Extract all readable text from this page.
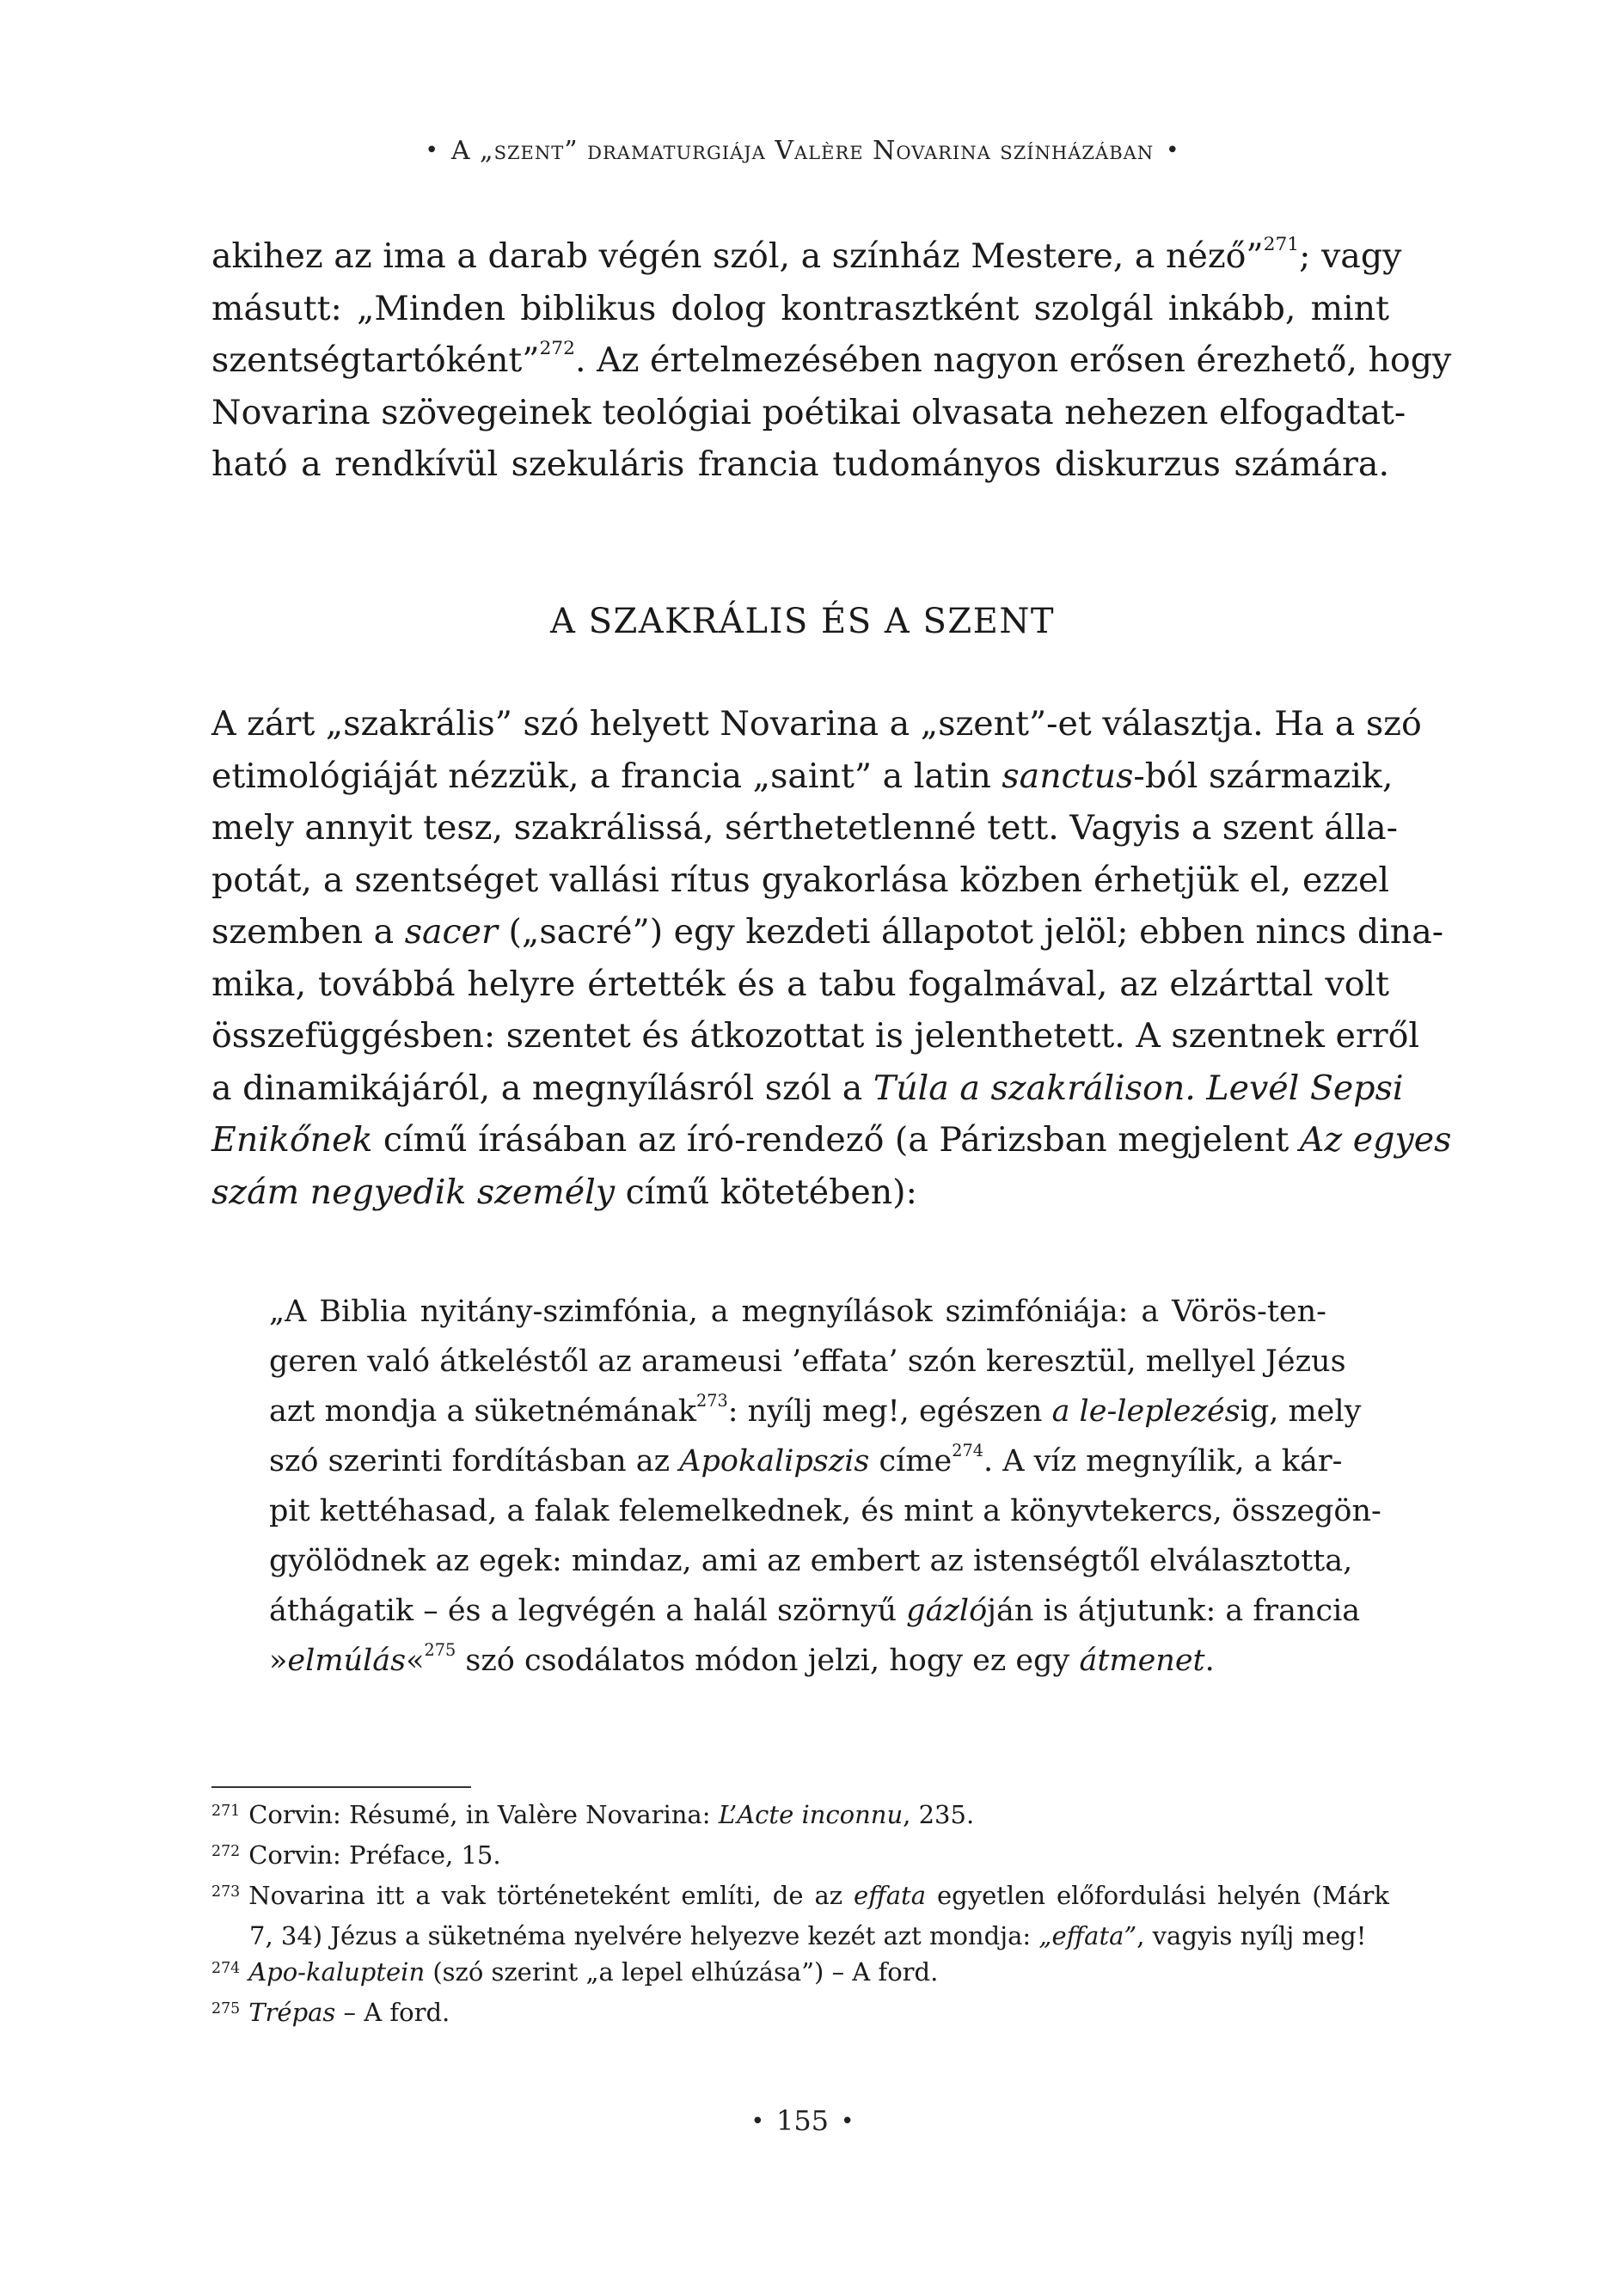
• A „szent” dramaturgiája Valère Novarina színházában •
akihez az ima a darab végén szól, a színház Mestere, a néző”$^{271}$; vagy
másutt: „Minden biblikus dolog kontrasztként szolgál inkább, mint
szentségtartóként”$^{272}$. Az értelmezésében nagyon erősen érezhető, hogy
Novarina szövegeinek teológiai poétikai olvasata nehezen elfogadtat-
ható a rendkívül szekuláris francia tudományos diskurzus számára.
A SZAKRÁLIS ÉS A SZENT
A zárt „szakrális” szó helyett Novarina a „szent”-et választja. Ha a szó
etimológiáját nézzük, a francia „saint” a latin sanctus-ból származik,
mely annyit tesz, szakrálissá, sérthetetlenné tett. Vagyis a szent álla-
potát, a szentséget vallási rítus gyakorlása közben érhetjük el, ezzel
szemben a sacer („sacré”) egy kezdeti állapotot jelöl; ebben nincs dina-
mika, továbbá helyre értették és a tabu fogalmával, az elzárttal volt
összefüggésben: szentet és átkozottat is jelenthetett. A szentnek erről
a dinamikájáról, a megnyílásról szól a Túla a szakrálison. Levél Sepsi
Enikőnek című írásában az író-rendező (a Párizsban megjelent Az egyes
szám negyedik személy című kötetében):
„A Biblia nyitány-szimfónia, a megnyílások szimfóniája: a Vörös-ten-
geren való átkeléstől az arameusi ’effata’ szón keresztül, mellyel Jézus
azt mondja a süketnémának$^{273}$: nyílj meg!, egészen a le-leplezésig, mely
szó szerinti fordításban az Apokalipszis címe$^{274}$. A víz megnyílik, a kár-
pit kettéhasad, a falak felemelkednek, és mint a könyvtekercs, összegön-
gyölödnek az egek: mindaz, ami az embert az istenségtől elválasztotta,
áthágatik – és a legvégén a halál szörnyű gázlóján is átjutunk: a francia
»elmúlás«$^{275}$ szó csodálatos módon jelzi, hogy ez egy átmenet.
$^{271}$ Corvin: Résumé, in Valère Novarina: L’Acte inconnu, 235.
$^{272}$ Corvin: Préface, 15.
$^{273}$ Novarina itt a vak történeteként említi, de az effata egyetlen előfordulási helyén (Márk
7, 34) Jézus a süketnéma nyelvére helyezve kezét azt mondja: „effata”, vagyis nyílj meg!
$^{274}$ Apo-kaluptein (szó szerint „a lepel elhúzása”) – A ford.
$^{275}$ Trépas – A ford.
• 155 •
